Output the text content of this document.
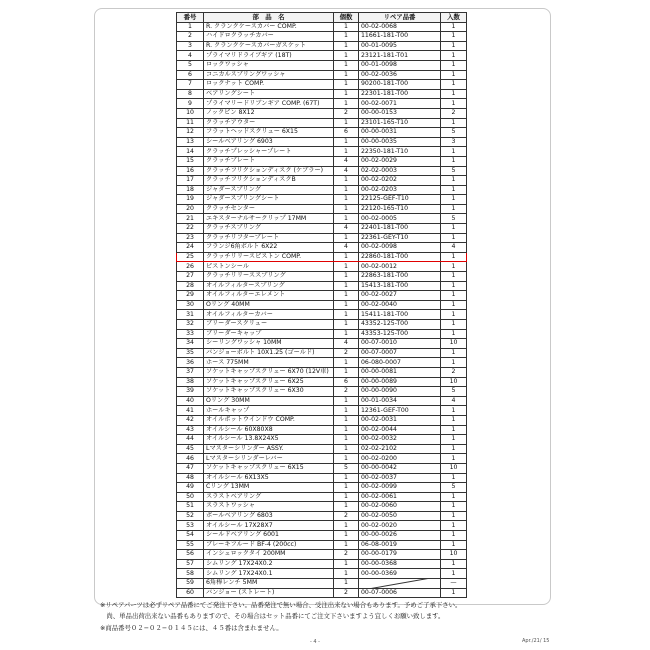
番号	部　品　名	個数	リペア品番	入数
1	R. クランクケースカバー COMP.	1	00-02-0068	1
2	ハイドロクラッチカバー	1	11661-181-T00	1
3	R. クランクケースカバーガスケット	1	00-01-0095	1
4	プライマリドライブギア (18T)	1	23121-181-T01	1
5	ロックワッシャ	1	00-01-0098	1
6	コニカルスプリングワッシャ	1	00-02-0036	1
7	ロックナット COMP.	1	90200-181-T00	1
8	ベアリングシート	1	22301-181-T00	1
9	プライマリードリブンギア COMP. (67T)	1	00-02-0071	1
10	ノックピン 8X12	2	00-00-0153	2
11	クラッチアウター	1	23101-165-T10	1
12	フラットヘッドスクリュー 6X15	6	00-00-0031	5
13	シールベアリング 6903	1	00-00-0035	3
14	クラッチプレッシャープレート	1	22350-181-T10	1
15	クラッチプレート	4	00-02-0029	1
16	クラッチフリクションディスク (ケブラー)	4	02-02-0003	5
17	クラッチフリクションディスクB	1	00-02-0202	1
18	ジャダースプリング	1	00-02-0203	1
19	ジャダースプリングシート	1	22125-GEF-T10	1
20	クラッチセンター	1	22120-165-T10	1
21	エキスターナルサークリップ 17MM	1	00-02-0005	5
22	クラッチスプリング	4	22401-181-T00	1
23	クラッチリフタープレート	1	22361-GEY-T10	1
24	フランジ6角ボルト 6X22	4	00-02-0098	4
25	クラッチリリースピストン COMP.	1	22860-181-T00	1
26	ピストンシール	1	00-02-0012	1
27	クラッチリリーススプリング	1	22863-181-T00	1
28	オイルフィルタースプリング	1	15413-181-T00	1
29	オイルフィルターエレメント	1	00-02-0027	1
30	Oリング 40MM	1	00-02-0040	1
31	オイルフィルターカバー	1	15411-181-T00	1
32	ブリーダースクリュー	1	43352-125-T00	1
33	ブリーダーキャップ	1	43353-125-T00	1
34	シーリングワッシャ 10MM	4	00-07-0010	10
35	バンジョーボルト 10X1.25 (ゴールド)	2	00-07-0007	1
36	ホース 775MM	1	06-080-0007	1
37	ソケットキャップスクリュー 6X70 (12V車)	1	00-00-0081	2
38	ソケットキャップスクリュー 6X25	6	00-00-0089	10
39	ソケットキャップスクリュー 6X30	2	00-00-0090	5
40	Oリング 30MM	1	00-01-0034	4
41	ホールキャップ	1	12361-GEF-T00	1
42	オイルポットウインドウ COMP.	1	00-02-0031	1
43	オイルシール 60X80X8	1	00-02-0044	1
44	オイルシール 13.8X24X5	1	00-02-0032	1
45	Lマスターシリンダー ASSY.	1	02-02-2102	1
46	Lマスターシリンダーレバー	1	00-02-0200	1
47	ソケットキャップスクリュー 6X15	5	00-00-0042	10
48	オイルシール 6X13X5	1	00-02-0037	1
49	Cリング 13MM	1	00-02-0099	5
50	スラストベアリング	1	00-02-0061	1
51	スラストワッシャ	1	00-02-0060	1
52	ボールベアリング 6803	2	00-02-0050	1
53	オイルシール 17X28X7	1	00-02-0020	1
54	シールドベアリング 6001	1	00-00-0026	1
55	ブレーキフルード BF-4 (200cc)	1	06-08-0019	1
56	インシュロックタイ 200MM	2	00-00-0179	10
57	シムリング 17X24X0.2	1	00-00-0368	1
58	シムリング 17X24X0.1	1	00-00-0369	1
59	6角棒レンチ 5MM	1		—
60	バンジョー (ストレート)	2	00-07-0006	1
※リペアパーツは必ずリペア品番にてご発注下さい。品番発注で無い場合、受注出来ない場合もあります。予めご了承下さい。
　尚、単品出荷出来ない品番もありますので、その場合はセット品番にてご注文下さいますよう宜しくお願い致します。
※商品番号０２−０２−０１４５には、４５番は含まれません。
- 4 -	Apr./21/ 15
